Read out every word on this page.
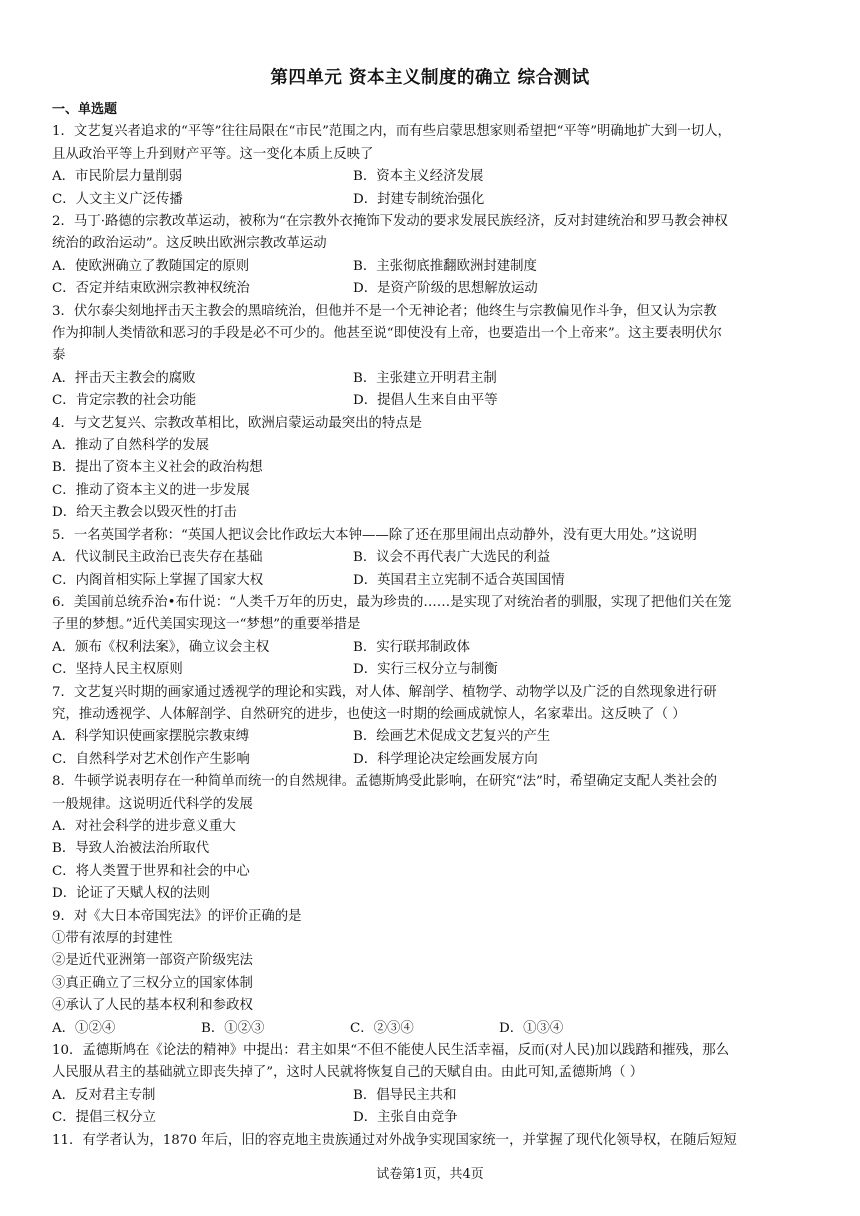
第四单元 资本主义制度的确立 综合测试
一、单选题
1．文艺复兴者追求的“平等”往往局限在“市民”范围之内，而有些启蒙思想家则希望把“平等”明确地扩大到一切人，
且从政治平等上升到财产平等。这一变化本质上反映了
A．市民阶层力量削弱	B．资本主义经济发展
C．人文主义广泛传播	D．封建专制统治强化
2．马丁·路德的宗教改革运动，被称为“在宗教外衣掩饰下发动的要求发展民族经济，反对封建统治和罗马教会神权
统治的政治运动”。这反映出欧洲宗教改革运动
A．使欧洲确立了教随国定的原则	B．主张彻底推翻欧洲封建制度
C．否定并结束欧洲宗教神权统治	D．是资产阶级的思想解放运动
3．伏尔泰尖刻地抨击天主教会的黑暗统治，但他并不是一个无神论者；他终生与宗教偏见作斗争，但又认为宗教
作为抑制人类情欲和恶习的手段是必不可少的。他甚至说“即使没有上帝，也要造出一个上帝来”。这主要表明伏尔
泰
A．抨击天主教会的腐败	B．主张建立开明君主制
C．肯定宗教的社会功能	D．提倡人生来自由平等
4．与文艺复兴、宗教改革相比，欧洲启蒙运动最突出的特点是
A．推动了自然科学的发展
B．提出了资本主义社会的政治构想
C．推动了资本主义的进一步发展
D．给天主教会以毁灭性的打击
5．一名英国学者称：“英国人把议会比作政坛大本钟——除了还在那里闹出点动静外，没有更大用处。”这说明
A．代议制民主政治已丧失存在基础	B．议会不再代表广大选民的利益
C．内阁首相实际上掌握了国家大权	D．英国君主立宪制不适合英国国情
6．美国前总统乔治•布什说：“人类千万年的历史，最为珍贵的……是实现了对统治者的驯服，实现了把他们关在笼
子里的梦想。”近代美国实现这一“梦想”的重要举措是
A．颁布《权利法案》，确立议会主权	B．实行联邦制政体
C．坚持人民主权原则	D．实行三权分立与制衡
7．文艺复兴时期的画家通过透视学的理论和实践，对人体、解剖学、植物学、动物学以及广泛的自然现象进行研
究，推动透视学、人体解剖学、自然研究的进步，也使这一时期的绘画成就惊人，名家辈出。这反映了（ ）
A．科学知识使画家摆脱宗教束缚	B．绘画艺术促成文艺复兴的产生
C．自然科学对艺术创作产生影响	D．科学理论决定绘画发展方向
8．牛顿学说表明存在一种简单而统一的自然规律。孟德斯鸠受此影响，在研究“法”时，希望确定支配人类社会的
一般规律。这说明近代科学的发展
A．对社会科学的进步意义重大
B．导致人治被法治所取代
C．将人类置于世界和社会的中心
D．论证了天赋人权的法则
9．对《大日本帝国宪法》的评价正确的是
①带有浓厚的封建性
②是近代亚洲第一部资产阶级宪法
③真正确立了三权分立的国家体制
④承认了人民的基本权利和参政权
A．①②④	B．①②③	C．②③④	D．①③④
10．孟德斯鸠在《论法的精神》中提出：君主如果“不但不能使人民生活幸福，反而(对人民)加以践踏和摧残，那么
人民服从君主的基础就立即丧失掉了”，这时人民就将恢复自己的天赋自由。由此可知,孟德斯鸠（ ）
A．反对君主专制	B．倡导民主共和
C．提倡三权分立	D．主张自由竞争
11．有学者认为，1870 年后，旧的容克地主贵族通过对外战争实现国家统一，并掌握了现代化领导权，在随后短短
试卷第1页，共4页
